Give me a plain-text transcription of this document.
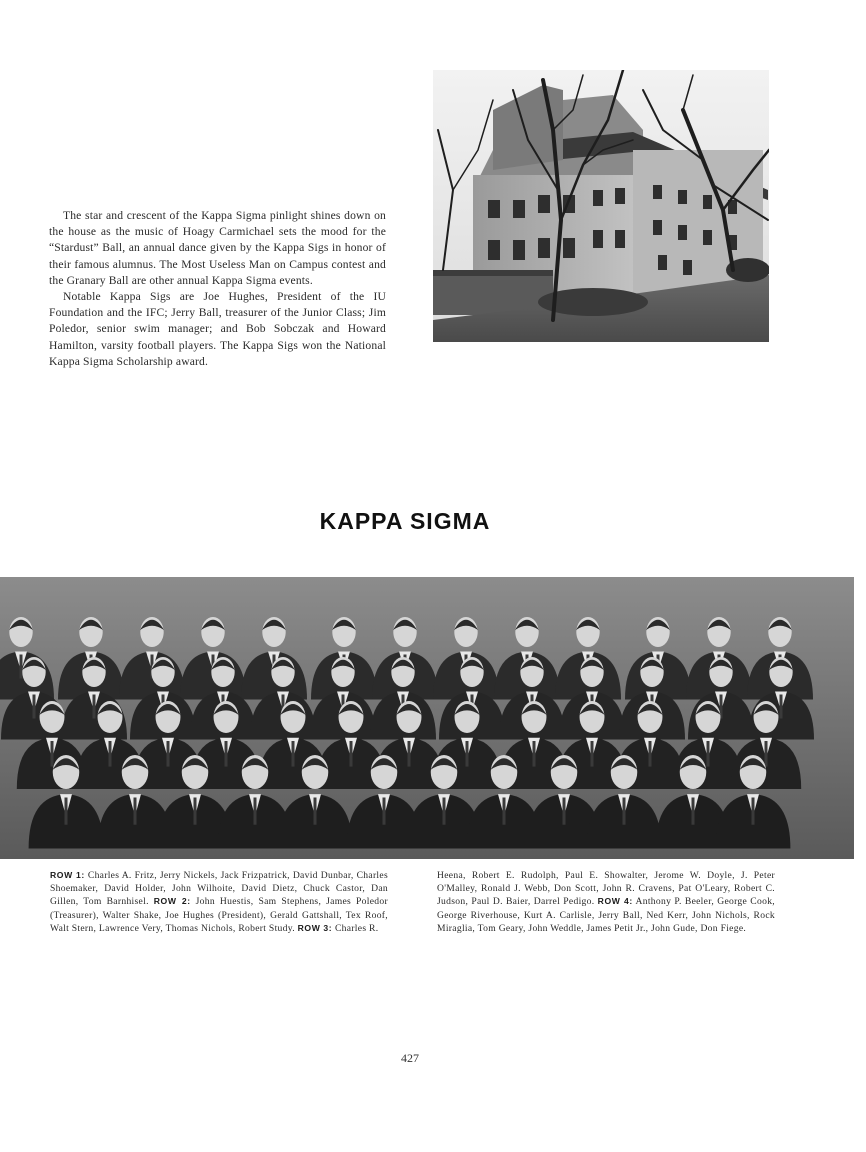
The star and crescent of the Kappa Sigma pinlight shines down on the house as the music of Hoagy Carmichael sets the mood for the “Stardust” Ball, an annual dance given by the Kappa Sigs in honor of their famous alumnus. The Most Useless Man on Campus contest and the Granary Ball are other annual Kappa Sigma events.

Notable Kappa Sigs are Joe Hughes, President of the IU Foundation and the IFC; Jerry Ball, treasurer of the Junior Class; Jim Poledor, senior swim manager; and Bob Sobczak and Howard Hamilton, varsity football players. The Kappa Sigs won the National Kappa Sigma Scholarship award.

KAPPA SIGMA
ROW 1: Charles A. Fritz, Jerry Nickels, Jack Frizpatrick, David Dunbar, Charles Shoemaker, David Holder, John Wilhoite, David Dietz, Chuck Castor, Dan Gillen, Tom Barnhisel. ROW 2: John Huestis, Sam Stephens, James Poledor (Treasurer), Walter Shake, Joe Hughes (President), Gerald Gattshall, Tex Roof, Walt Stern, Lawrence Very, Thomas Nichols, Robert Study. ROW 3: Charles R.
Heena, Robert E. Rudolph, Paul E. Showalter, Jerome W. Doyle, J. Peter O'Malley, Ronald J. Webb, Don Scott, John R. Cravens, Pat O'Leary, Robert C. Judson, Paul D. Baier, Darrel Pedigo. ROW 4: Anthony P. Beeler, George Cook, George Riverhouse, Kurt A. Carlisle, Jerry Ball, Ned Kerr, John Nichols, Rock Miraglia, Tom Geary, John Weddle, James Petit Jr., John Gude, Don Fiege.
427
